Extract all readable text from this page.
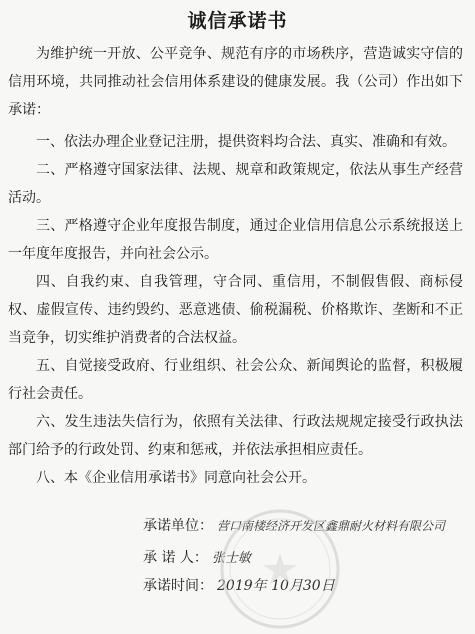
诚信承诺书

为维护统一开放、公平竞争、规范有序的市场秩序，营造诚实守信的信用环境，共同推动社会信用体系建设的健康发展。我（公司）作出如下承诺：

一、依法办理企业登记注册，提供资料均合法、真实、准确和有效。

二、严格遵守国家法律、法规、规章和政策规定，依法从事生产经营活动。

三、严格遵守企业年度报告制度，通过企业信用信息公示系统报送上一年度年度报告，并向社会公示。

四、自我约束、自我管理，守合同、重信用，不制假售假、商标侵权、虚假宣传、违约毁约、恶意逃债、偷税漏税、价格欺诈、垄断和不正当竞争，切实维护消费者的合法权益。

五、自觉接受政府、行业组织、社会公众、新闻舆论的监督，积极履行社会责任。

六、发生违法失信行为，依照有关法律、行政法规规定接受行政执法部门给予的行政处罚、约束和惩戒，并依法承担相应责任。

八、本《企业信用承诺书》同意向社会公开。

承诺单位： 营口南楼经济开发区鑫鼎耐火材料有限公司
承 诺 人： 张士敏
承诺时间： 2019年 10月30日
